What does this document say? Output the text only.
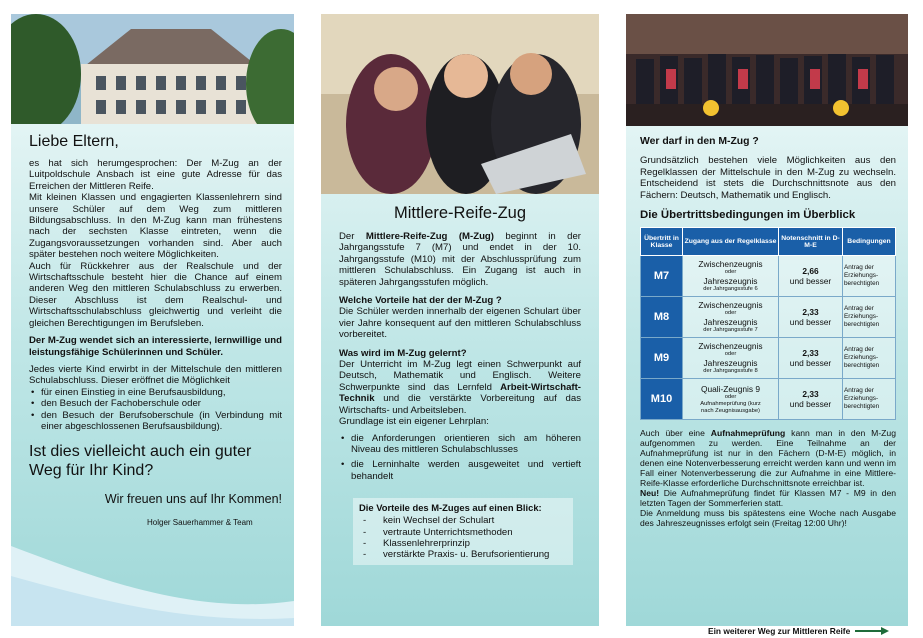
Liebe Eltern,

es hat sich herumgesprochen: Der M-Zug an der Luitpoldschule Ansbach ist eine gute Adresse für das Erreichen der Mittleren Reife.

Mit kleinen Klassen und engagierten Klassenlehrern sind unsere Schüler auf dem Weg zum mittleren Bildungsabschluss. In den M-Zug kann man frühestens nach der sechsten Klasse eintreten, wenn die Zugangsvoraussetzungen vorhanden sind. Aber auch später bestehen noch weitere Möglichkeiten.

Auch für Rückkehrer aus der Realschule und der Wirtschaftsschule besteht hier die Chance auf einem anderen Weg den mittleren Schulabschluss zu erwerben. Dieser Abschluss ist dem Realschul- und Wirtschaftsschulabschluss gleichwertig und verleiht die gleichen Berechtigungen im Berufsleben.

Der M-Zug wendet sich an interessierte, lernwillige und leistungsfähige Schülerinnen und Schüler.

Jedes vierte Kind erwirbt in der Mittelschule den mittleren Schulabschluss. Dieser eröffnet die Möglichkeit

• für einen Einstieg in eine Berufsausbildung,
• den Besuch der Fachoberschule oder
• den Besuch der Berufsoberschule (in Verbindung mit einer abgeschlossenen Berufsausbildung).
Ist dies vielleicht auch ein guter Weg für Ihr Kind?
Wir freuen uns auf Ihr Kommen!
Holger Sauerhammer & Team
Mittlere-Reife-Zug

Der Mittlere-Reife-Zug (M-Zug) beginnt in der Jahrgangsstufe 7 (M7) und endet in der 10. Jahrgangsstufe (M10) mit der Abschlussprüfung zum mittleren Schulabschluss. Ein Zugang ist auch in späteren Jahrgangsstufen möglich.

Welche Vorteile hat der der M-Zug ?

Die Schüler werden innerhalb der eigenen Schulart über vier Jahre konsequent auf den mittleren Schulabschluss vorbereitet.

Was wird im M-Zug gelernt?

Der Unterricht im M-Zug legt einen Schwerpunkt auf Deutsch, Mathematik und Englisch. Weitere Schwerpunkte sind das Lernfeld Arbeit-Wirtschaft-Technik und die verstärkte Vorbereitung auf das Wirtschafts- und Arbeitsleben.

Grundlage ist ein eigener Lehrplan:

• die Anforderungen orientieren sich am höheren Niveau des mittleren Schulabschlusses
• die Lerninhalte werden ausgeweitet und vertieft behandelt
Die Vorteile des M-Zuges auf einen Blick:
- kein Wechsel der Schulart
- vertraute Unterrichtsmethoden
- Klassenlehrerprinzip
- verstärkte Praxis- u. Berufsorientierung
Wer darf in den M-Zug ?

Grundsätzlich bestehen viele Möglichkeiten aus den Regelklassen der Mittelschule in den M-Zug zu wechseln. Entscheidend ist stets die Durchschnittsnote aus den Fächern: Deutsch, Mathematik und Englisch.

Die Übertrittsbedingungen im Überblick
Übertritt in Klasse	Zugang aus der Regelklasse	Notenschnitt in D-M-E	Bedingungen
M7	Zwischenzeugnis
oder
Jahreszeugnis
der Jahrgangsstufe 6	2,66
und besser	Antrag der Erziehungs-berechtigten
M8	Zwischenzeugnis
oder
Jahreszeugnis
der Jahrgangsstufe 7	2,33
und besser	Antrag der Erziehungs-berechtigten
M9	Zwischenzeugnis
oder
Jahreszeugnis
der Jahrgangsstufe 8	2,33
und besser	Antrag der Erziehungs-berechtigten
M10	Quali-Zeugnis 9
oder
Aufnahmeprüfung (kurz
nach Zeugnisausgabe)	2,33
und besser	Antrag der Erziehungs-berechtigten

Auch über eine Aufnahmeprüfung kann man in den M-Zug aufgenommen zu werden. Eine Teilnahme an der Aufnahmeprüfung ist nur in den Fächern (D-M-E) möglich, in denen eine Notenverbesserung erreicht werden kann und wenn im Fall einer Notenverbesserung die zur Aufnahme in eine Mittlere-Reife-Klasse erforderliche Durchschnittsnote erreichbar ist.

Neu! Die Aufnahmeprüfung findet für Klassen M7 - M9 in den letzten Tagen der Sommerferien statt.

Die Anmeldung muss bis spätestens eine Woche nach Ausgabe des Jahreszeugnisses erfolgt sein (Freitag 12:00 Uhr)!

Ein weiterer Weg zur Mittleren Reife
